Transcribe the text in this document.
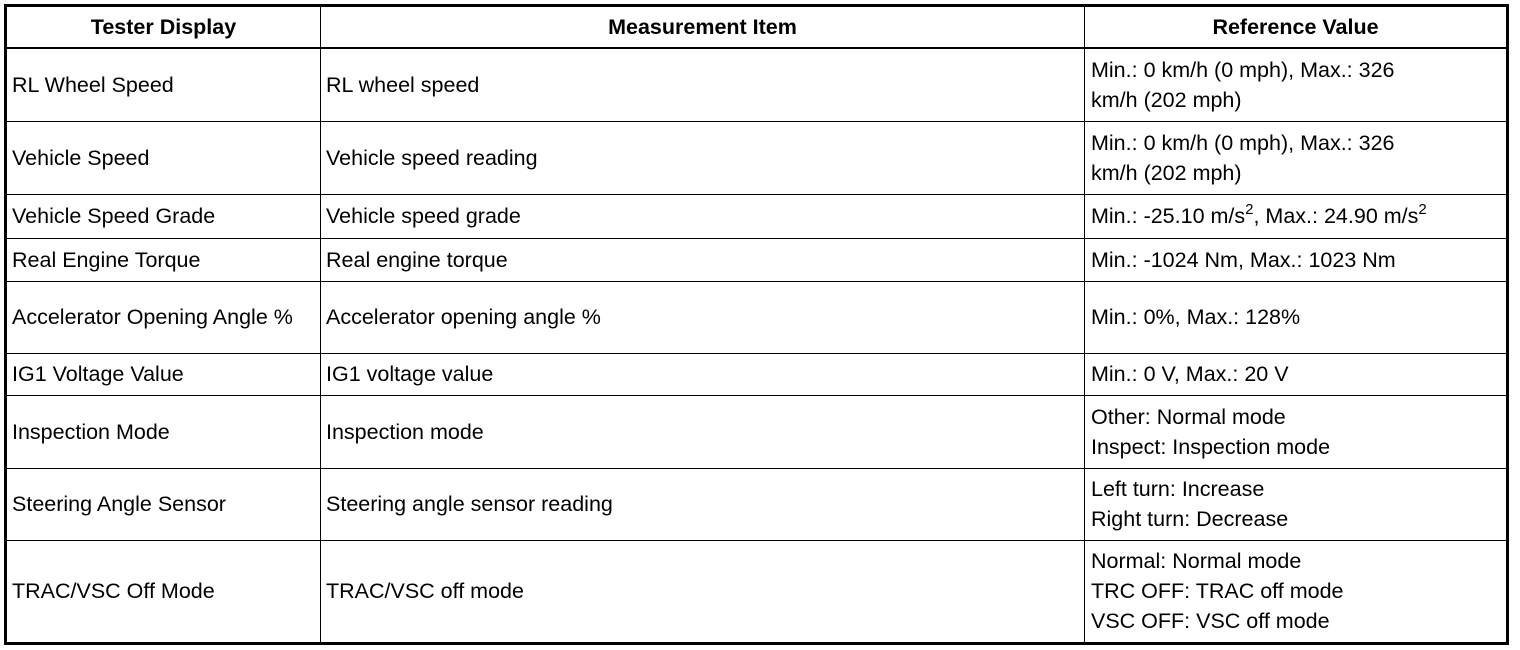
Tester Display	Measurement Item	Reference Value
RL Wheel Speed	RL wheel speed	Min.: 0 km/h (0 mph), Max.: 326
km/h (202 mph)

Vehicle Speed	Vehicle speed reading	Min.: 0 km/h (0 mph), Max.: 326
km/h (202 mph)

Vehicle Speed Grade	Vehicle speed grade	Min.: -25.10 $m/s^2$, Max.: 24.90 $m/s^2$

Real Engine Torque	Real engine torque	Min.: -1024 Nm, Max.: 1023 Nm

Accelerator Opening Angle %	Accelerator opening angle %	Min.: 0%, Max.: 128%

IG1 Voltage Value	IG1 voltage value	Min.: 0 V, Max.: 20 V

Inspection Mode	Inspection mode	Other: Normal mode
Inspect: Inspection mode

Steering Angle Sensor	Steering angle sensor reading	Left turn: Increase
Right turn: Decrease

TRAC/VSC Off Mode	TRAC/VSC off mode	Normal: Normal mode
TRC OFF: TRAC off mode
VSC OFF: VSC off mode
